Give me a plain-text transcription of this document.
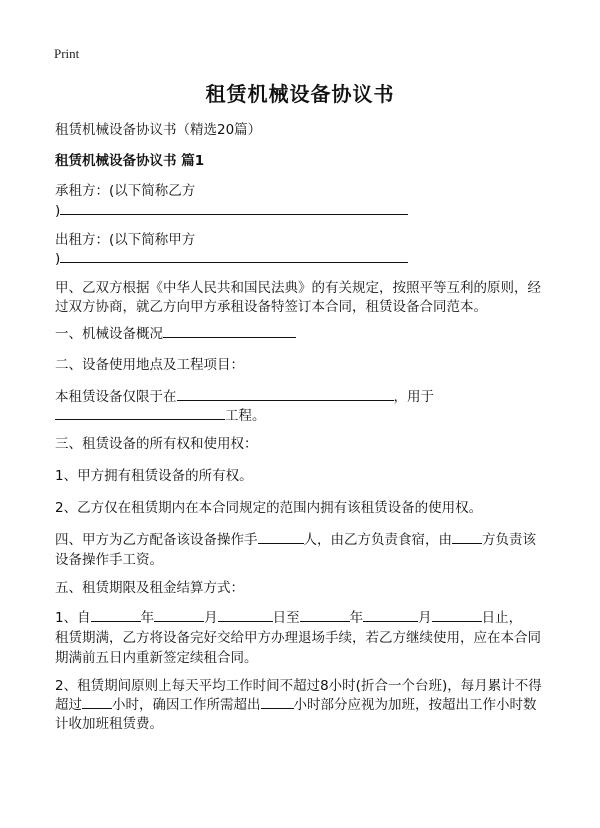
Print
租赁机械设备协议书
租赁机械设备协议书（精选20篇）
租赁机械设备协议书 篇1
承租方：(以下简称乙方
)
出租方：(以下简称甲方
)
甲、乙双方根据《中华人民共和国民法典》的有关规定，按照平等互利的原则，经
过双方协商，就乙方向甲方承租设备特签订本合同，租赁设备合同范本。
一、机械设备概况
二、设备使用地点及工程项目：
本租赁设备仅限于在	，用于
工程。
三、租赁设备的所有权和使用权：
1、甲方拥有租赁设备的所有权。
2、乙方仅在租赁期内在本合同规定的范围内拥有该租赁设备的使用权。
四、甲方为乙方配备该设备操作手	人，由乙方负责食宿，由 方负责该
设备操作手工资。
五、租赁期限及租金结算方式：
1、自	年	月	日至	年	月	日止，
租赁期满，乙方将设备完好交给甲方办理退场手续，若乙方继续使用，应在本合同
期满前五日内重新签定续租合同。
2、租赁期间原则上每天平均工作时间不超过8小时(折合一个台班)，每月累计不得
超过 小时，确因工作所需超出 小时部分应视为加班，按超出工作小时数
计收加班租赁费。
